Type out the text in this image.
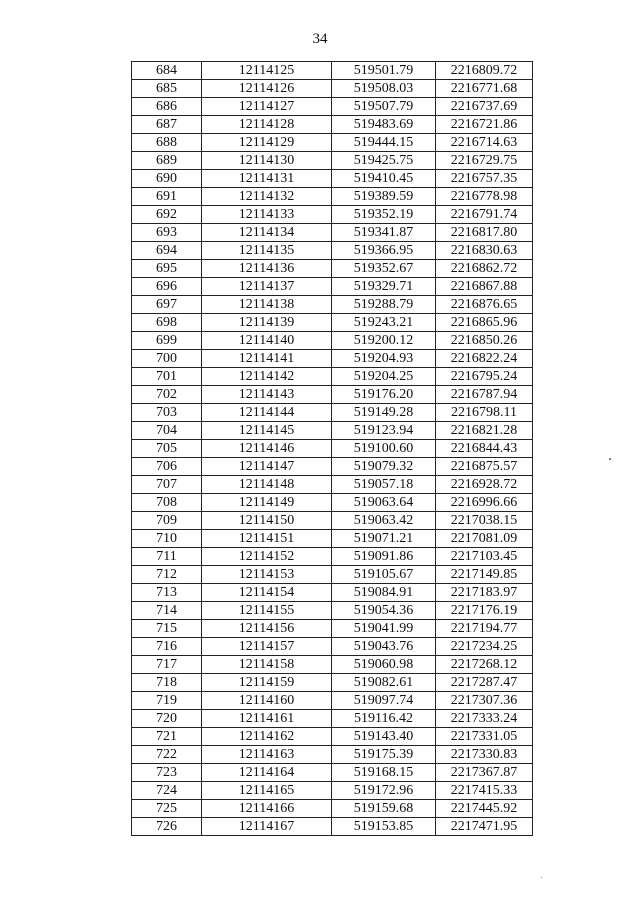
34
684	12114125	519501.79	2216809.72
685	12114126	519508.03	2216771.68
686	12114127	519507.79	2216737.69
687	12114128	519483.69	2216721.86
688	12114129	519444.15	2216714.63
689	12114130	519425.75	2216729.75
690	12114131	519410.45	2216757.35
691	12114132	519389.59	2216778.98
692	12114133	519352.19	2216791.74
693	12114134	519341.87	2216817.80
694	12114135	519366.95	2216830.63
695	12114136	519352.67	2216862.72
696	12114137	519329.71	2216867.88
697	12114138	519288.79	2216876.65
698	12114139	519243.21	2216865.96
699	12114140	519200.12	2216850.26
700	12114141	519204.93	2216822.24
701	12114142	519204.25	2216795.24
702	12114143	519176.20	2216787.94
703	12114144	519149.28	2216798.11
704	12114145	519123.94	2216821.28
705	12114146	519100.60	2216844.43
706	12114147	519079.32	2216875.57
707	12114148	519057.18	2216928.72
708	12114149	519063.64	2216996.66
709	12114150	519063.42	2217038.15
710	12114151	519071.21	2217081.09
711	12114152	519091.86	2217103.45
712	12114153	519105.67	2217149.85
713	12114154	519084.91	2217183.97
714	12114155	519054.36	2217176.19
715	12114156	519041.99	2217194.77
716	12114157	519043.76	2217234.25
717	12114158	519060.98	2217268.12
718	12114159	519082.61	2217287.47
719	12114160	519097.74	2217307.36
720	12114161	519116.42	2217333.24
721	12114162	519143.40	2217331.05
722	12114163	519175.39	2217330.83
723	12114164	519168.15	2217367.87
724	12114165	519172.96	2217415.33
725	12114166	519159.68	2217445.92
726	12114167	519153.85	2217471.95
